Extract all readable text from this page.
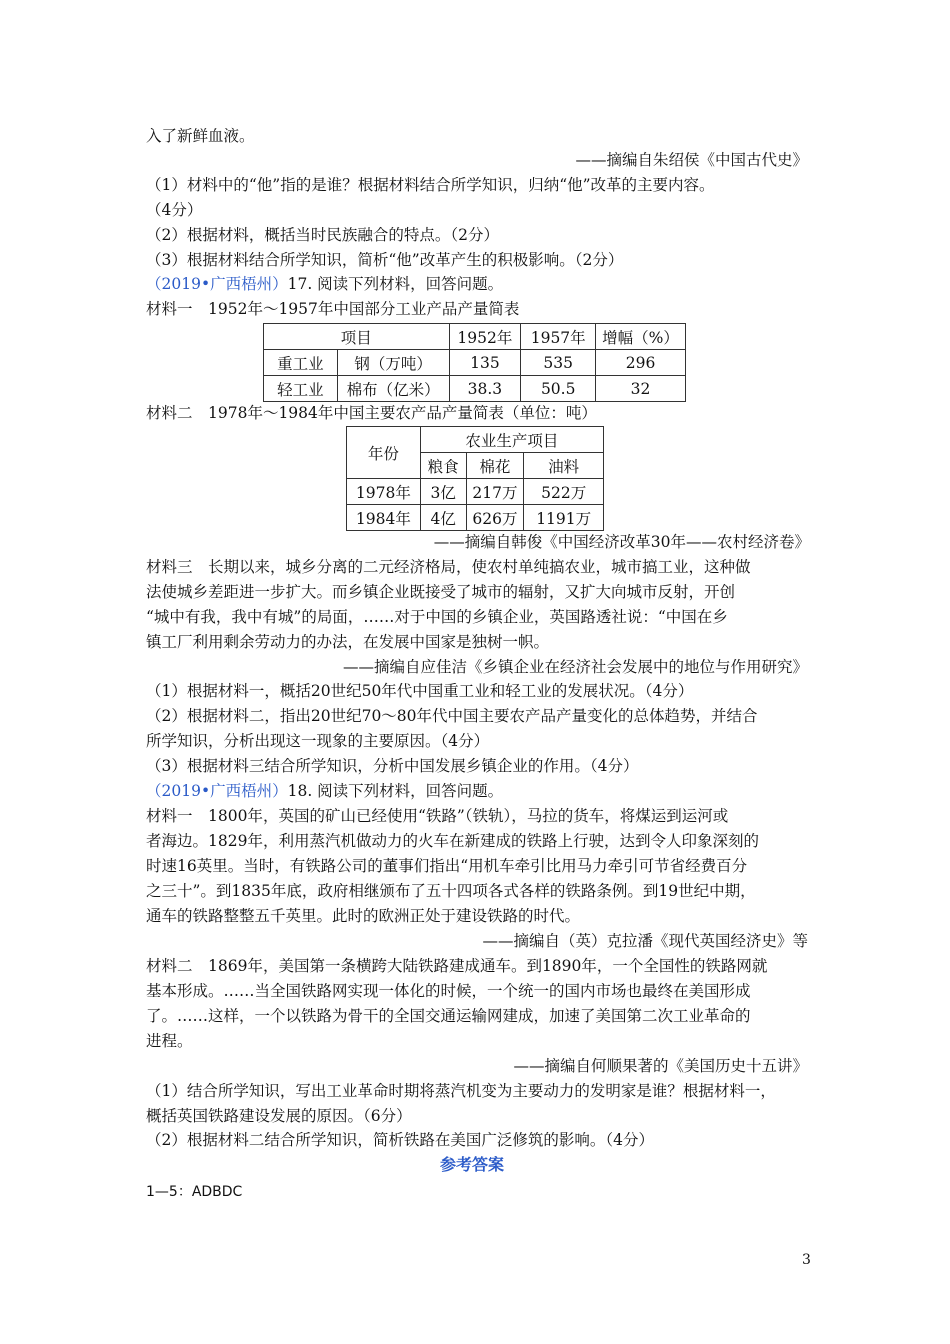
入了新鲜血液。
——摘编自朱绍侯《中国古代史》
（1）材料中的“他”指的是谁？根据材料结合所学知识，归纳“他”改革的主要内容。
（4分）
（2）根据材料，概括当时民族融合的特点。（2分）
（3）根据材料结合所学知识，简析“他”改革产生的积极影响。（2分）
（2019•广西梧州）17. 阅读下列材料，回答问题。
材料一　1952年～1957年中国部分工业产品产量简表
项目		1952年	1957年	增幅（%）
重工业	钢（万吨）	135	535	296
轻工业	棉布（亿米）	38.3	50.5	32
材料二　1978年～1984年中国主要农产品产量简表（单位：吨）
年份	农业生产项目		
	粮食	棉花	油料
1978年	3亿	217万	522万
1984年	4亿	626万	1191万
——摘编自韩俊《中国经济改革30年——农村经济卷》
材料三　长期以来，城乡分离的二元经济格局，使农村单纯搞农业，城市搞工业，这种做
法使城乡差距进一步扩大。而乡镇企业既接受了城市的辐射，又扩大向城市反射，开创
“城中有我，我中有城”的局面，……对于中国的乡镇企业，英国路透社说：“中国在乡
镇工厂利用剩余劳动力的办法，在发展中国家是独树一帜。
——摘编自应佳洁《乡镇企业在经济社会发展中的地位与作用研究》
（1）根据材料一，概括20世纪50年代中国重工业和轻工业的发展状况。（4分）
（2）根据材料二，指出20世纪70～80年代中国主要农产品产量变化的总体趋势，并结合
所学知识，分析出现这一现象的主要原因。（4分）
（3）根据材料三结合所学知识，分析中国发展乡镇企业的作用。（4分）
（2019•广西梧州）18. 阅读下列材料，回答问题。
材料一　1800年，英国的矿山已经使用“铁路”（铁轨），马拉的货车，将煤运到运河或
者海边。1829年，利用蒸汽机做动力的火车在新建成的铁路上行驶，达到令人印象深刻的
时速16英里。当时，有铁路公司的董事们指出“用机车牵引比用马力牵引可节省经费百分
之三十”。到1835年底，政府相继颁布了五十四项各式各样的铁路条例。到19世纪中期，
通车的铁路整整五千英里。此时的欧洲正处于建设铁路的时代。
——摘编自（英）克拉潘《现代英国经济史》等
材料二　1869年，美国第一条横跨大陆铁路建成通车。到1890年，一个全国性的铁路网就
基本形成。……当全国铁路网实现一体化的时候，一个统一的国内市场也最终在美国形成
了。……这样，一个以铁路为骨干的全国交通运输网建成，加速了美国第二次工业革命的
进程。
——摘编自何顺果著的《美国历史十五讲》
（1）结合所学知识，写出工业革命时期将蒸汽机变为主要动力的发明家是谁？根据材料一，
概括英国铁路建设发展的原因。（6分）
（2）根据材料二结合所学知识，简析铁路在美国广泛修筑的影响。（4分）
参考答案
1—5：ADBDC
3
